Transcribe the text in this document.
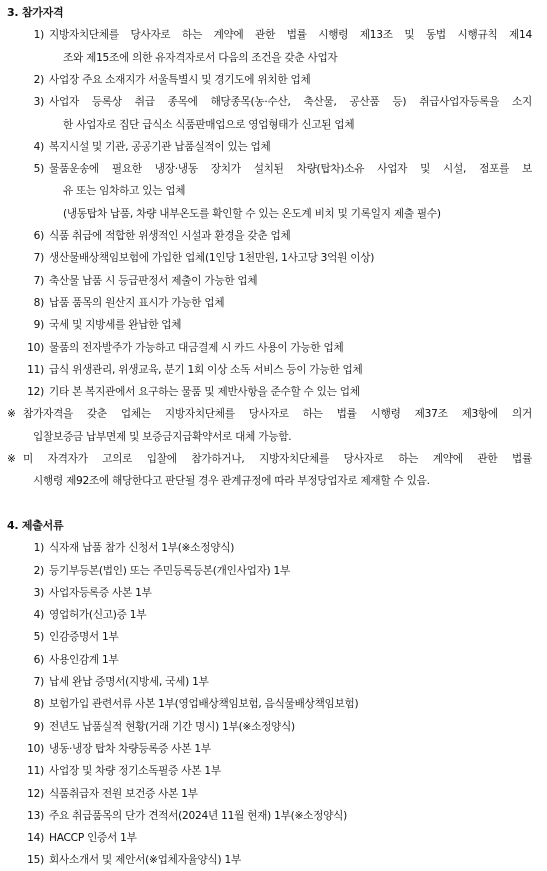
3. 참가자격
1) 지방자치단체를 당사자로 하는 계약에 관한 법률 시행령 제13조 및 동법 시행규칙 제14
조와 제15조에 의한 유자격자로서 다음의 조건을 갖춘 사업자
2) 사업장 주요 소재지가 서울특별시 및 경기도에 위치한 업체
3) 사업자 등록상 취급 종목에 해당종목(농·수산, 축산물, 공산품 등) 취급사업자등록을 소지
한 사업자로 집단 급식소 식품판매업으로 영업형태가 신고된 업체
4) 복지시설 및 기관, 공공기관 납품실적이 있는 업체
5) 물품운송에 필요한 냉장·냉동 장치가 설치된 차량(탑차)소유 사업자 및 시설, 점포를 보
유 또는 임차하고 있는 업체
(냉동탑차 납품, 차량 내부온도를 확인할 수 있는 온도계 비치 및 기록일지 제출 필수)
6) 식품 취급에 적합한 위생적인 시설과 환경을 갖춘 업체
7) 생산물배상책임보험에 가입한 업체(1인당 1천만원, 1사고당 3억원 이상)
7) 축산물 납품 시 등급판정서 제출이 가능한 업체
8) 납품 품목의 원산지 표시가 가능한 업체
9) 국세 및 지방세를 완납한 업체
10) 물품의 전자발주가 가능하고 대금결제 시 카드 사용이 가능한 업체
11) 급식 위생관리, 위생교육, 분기 1회 이상 소독 서비스 등이 가능한 업체
12) 기타 본 복지관에서 요구하는 물품 및 제반사항을 준수할 수 있는 업체
※ 참가자격을 갖춘 업체는 지방자치단체를 당사자로 하는 법률 시행령 제37조 제3항에 의거
입찰보증금 납부면제 및 보증금지급확약서로 대체 가능함.
※ 미 자격자가 고의로 입찰에 참가하거나, 지방자치단체를 당사자로 하는 계약에 관한 법률
시행령 제92조에 해당한다고 판단될 경우 관계규정에 따라 부정당업자로 제재할 수 있음.
4. 제출서류
1) 식자재 납품 참가 신청서 1부(※소정양식)
2) 등기부등본(법인) 또는 주민등록등본(개인사업자) 1부
3) 사업자등록증 사본 1부
4) 영업허가(신고)증 1부
5) 인감증명서 1부
6) 사용인감계 1부
7) 납세 완납 증명서(지방세, 국세) 1부
8) 보험가입 관련서류 사본 1부(영업배상책임보험, 음식물배상책임보험)
9) 전년도 납품실적 현황(거래 기간 명시) 1부(※소정양식)
10) 냉동·냉장 탑차 차량등록증 사본 1부
11) 사업장 및 차량 정기소독필증 사본 1부
12) 식품취급자 전원 보건증 사본 1부
13) 주요 취급품목의 단가 견적서(2024년 11월 현재) 1부(※소정양식)
14) HACCP 인증서 1부
15) 회사소개서 및 제안서(※업체자율양식) 1부
